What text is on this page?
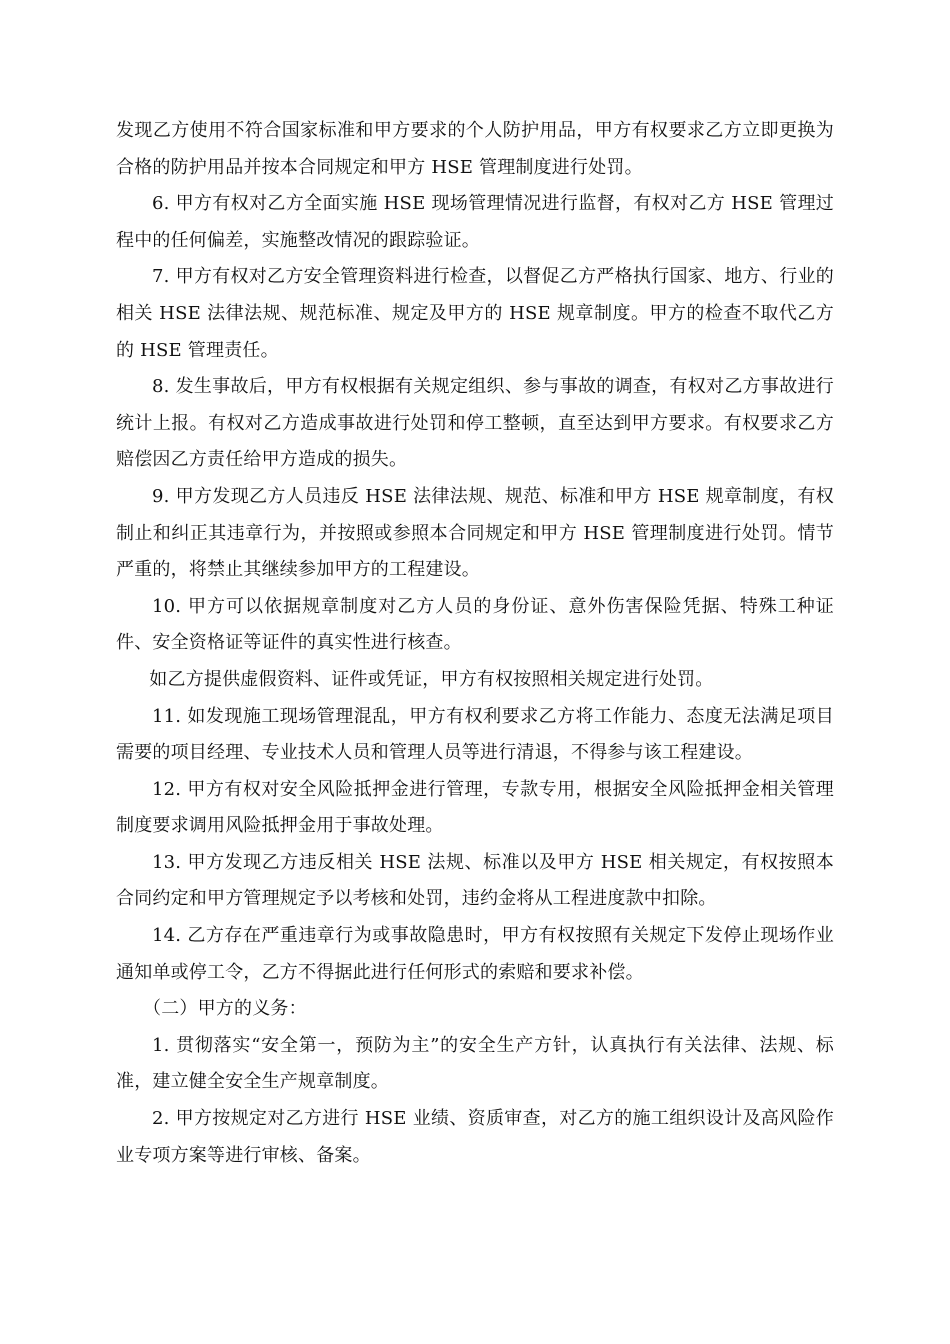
发现乙方使用不符合国家标准和甲方要求的个人防护用品，甲方有权要求乙方立即更换为合格的防护用品并按本合同规定和甲方 HSE 管理制度进行处罚。

6. 甲方有权对乙方全面实施 HSE 现场管理情况进行监督，有权对乙方 HSE 管理过程中的任何偏差，实施整改情况的跟踪验证。

7. 甲方有权对乙方安全管理资料进行检查，以督促乙方严格执行国家、地方、行业的相关 HSE 法律法规、规范标准、规定及甲方的 HSE 规章制度。甲方的检查不取代乙方的 HSE 管理责任。

8. 发生事故后，甲方有权根据有关规定组织、参与事故的调查，有权对乙方事故进行统计上报。有权对乙方造成事故进行处罚和停工整顿，直至达到甲方要求。有权要求乙方赔偿因乙方责任给甲方造成的损失。

9. 甲方发现乙方人员违反 HSE 法律法规、规范、标准和甲方 HSE 规章制度，有权制止和纠正其违章行为，并按照或参照本合同规定和甲方 HSE 管理制度进行处罚。情节严重的，将禁止其继续参加甲方的工程建设。

10. 甲方可以依据规章制度对乙方人员的身份证、意外伤害保险凭据、特殊工种证件、安全资格证等证件的真实性进行核查。

如乙方提供虚假资料、证件或凭证，甲方有权按照相关规定进行处罚。

11. 如发现施工现场管理混乱，甲方有权利要求乙方将工作能力、态度无法满足项目需要的项目经理、专业技术人员和管理人员等进行清退，不得参与该工程建设。

12. 甲方有权对安全风险抵押金进行管理，专款专用，根据安全风险抵押金相关管理制度要求调用风险抵押金用于事故处理。

13. 甲方发现乙方违反相关 HSE 法规、标准以及甲方 HSE 相关规定，有权按照本合同约定和甲方管理规定予以考核和处罚，违约金将从工程进度款中扣除。

14. 乙方存在严重违章行为或事故隐患时，甲方有权按照有关规定下发停止现场作业通知单或停工令，乙方不得据此进行任何形式的索赔和要求补偿。

（二）甲方的义务：

1. 贯彻落实“安全第一，预防为主”的安全生产方针，认真执行有关法律、法规、标准，建立健全安全生产规章制度。

2. 甲方按规定对乙方进行 HSE 业绩、资质审查，对乙方的施工组织设计及高风险作业专项方案等进行审核、备案。
